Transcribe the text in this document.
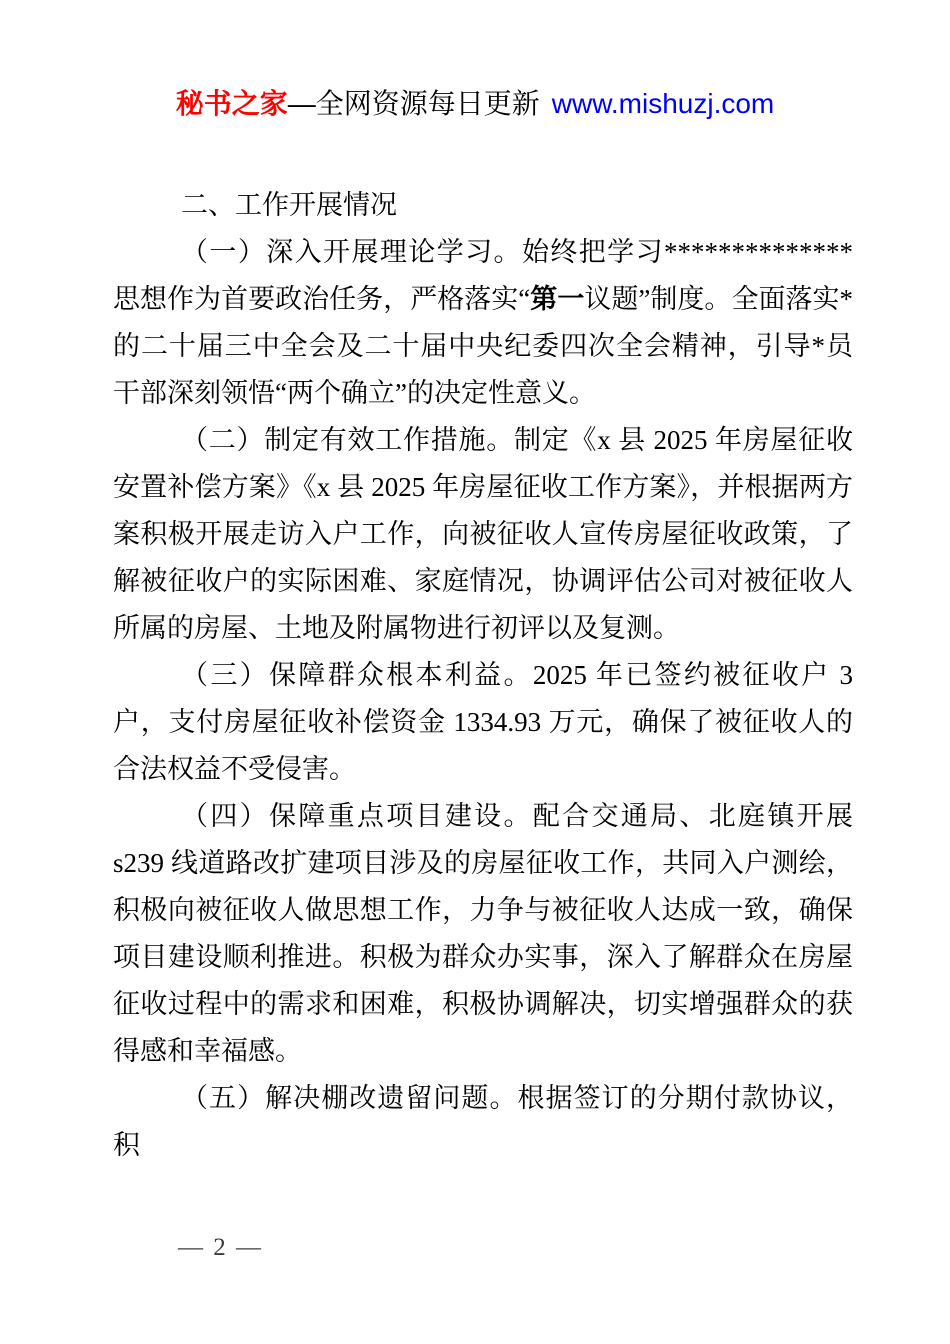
秘书之家—全网资源每日更新 www.mishuzj.com

二、工作开展情况

（一）深入开展理论学习。始终把学习**************思想作为首要政治任务，严格落实“第一议题”制度。全面落实*的二十届三中全会及二十届中央纪委四次全会精神，引导*员干部深刻领悟“两个确立”的决定性意义。

（二）制定有效工作措施。制定《x 县 2025 年房屋征收安置补偿方案》《x 县 2025 年房屋征收工作方案》，并根据两方案积极开展走访入户工作，向被征收人宣传房屋征收政策，了解被征收户的实际困难、家庭情况，协调评估公司对被征收人所属的房屋、土地及附属物进行初评以及复测。

（三）保障群众根本利益。2025 年已签约被征收户 3 户，支付房屋征收补偿资金 1334.93 万元，确保了被征收人的合法权益不受侵害。

（四）保障重点项目建设。配合交通局、北庭镇开展 s239 线道路改扩建项目涉及的房屋征收工作，共同入户测绘，积极向被征收人做思想工作，力争与被征收人达成一致，确保项目建设顺利推进。积极为群众办实事，深入了解群众在房屋征收过程中的需求和困难，积极协调解决，切实增强群众的获得感和幸福感。

（五）解决棚改遗留问题。根据签订的分期付款协议，积

— 2 —
